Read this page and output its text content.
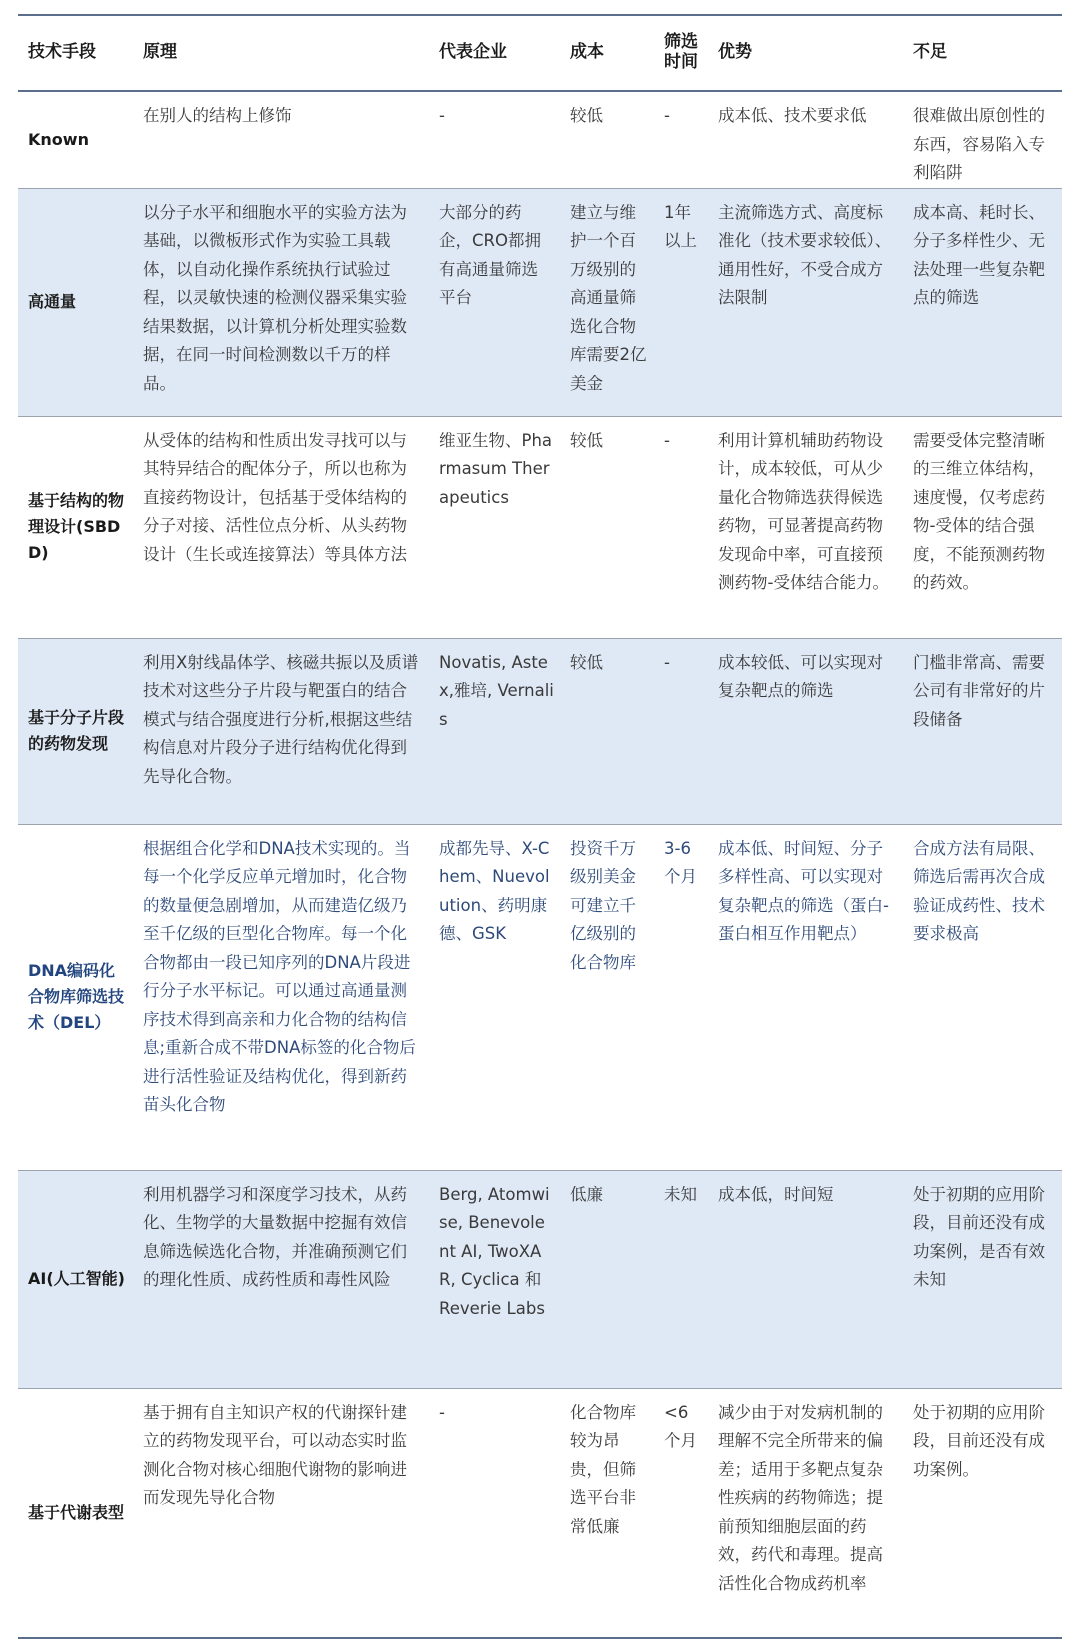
技术手段	原理	代表企业	成本	筛选时间	优势	不足
Known	在别人的结构上修饰	-	较低	-	成本低、技术要求低	很难做出原创性的东西，容易陷入专利陷阱
高通量	以分子水平和细胞水平的实验方法为基础，以微板形式作为实验工具载体，以自动化操作系统执行试验过程，以灵敏快速的检测仪器采集实验结果数据，以计算机分析处理实验数据，在同一时间检测数以千万的样品。	大部分的药企，CRO都拥有高通量筛选平台	建立与维护一个百万级别的高通量筛选化合物库需要2亿美金	1年以上	主流筛选方式、高度标准化（技术要求较低）、通用性好，不受合成方法限制	成本高、耗时长、分子多样性少、无法处理一些复杂靶点的筛选
基于结构的物理设计(SBDD)	从受体的结构和性质出发寻找可以与其特异结合的配体分子，所以也称为直接药物设计，包括基于受体结构的分子对接、活性位点分析、从头药物设计（生长或连接算法）等具体方法	维亚生物、Pharmasum Therapeutics	较低	-	利用计算机辅助药物设计，成本较低，可从少量化合物筛选获得候选药物，可显著提高药物发现命中率，可直接预测药物-受体结合能力。	需要受体完整清晰的三维立体结构，速度慢，仅考虑药物-受体的结合强度，不能预测药物的药效。
基于分子片段的药物发现	利用X射线晶体学、核磁共振以及质谱技术对这些分子片段与靶蛋白的结合模式与结合强度进行分析,根据这些结构信息对片段分子进行结构优化得到先导化合物。	Novatis, Astex,雅培, Vernalis	较低	-	成本较低、可以实现对复杂靶点的筛选	门槛非常高、需要公司有非常好的片段储备
DNA编码化合物库筛选技术（DEL）	根据组合化学和DNA技术实现的。当每一个化学反应单元增加时，化合物的数量便急剧增加，从而建造亿级乃至千亿级的巨型化合物库。每一个化合物都由一段已知序列的DNA片段进行分子水平标记。可以通过高通量测序技术得到高亲和力化合物的结构信息;重新合成不带DNA标签的化合物后进行活性验证及结构优化，得到新药苗头化合物	成都先导、X-Chem、Nuevolution、药明康德、GSK	投资千万级别美金可建立千亿级别的化合物库	3-6个月	成本低、时间短、分子多样性高、可以实现对复杂靶点的筛选（蛋白-蛋白相互作用靶点）	合成方法有局限、筛选后需再次合成验证成药性、技术要求极高
AI(人工智能)	利用机器学习和深度学习技术，从药化、生物学的大量数据中挖掘有效信息筛选候选化合物，并准确预测它们的理化性质、成药性质和毒性风险	Berg, Atomwise, Benevolent AI, TwoXAR, Cyclica 和 Reverie Labs	低廉	未知	成本低，时间短	处于初期的应用阶段，目前还没有成功案例，是否有效未知
基于代谢表型	基于拥有自主知识产权的代谢探针建立的药物发现平台，可以动态实时监测化合物对核心细胞代谢物的影响进而发现先导化合物	-	化合物库较为昂贵，但筛选平台非常低廉	<6个月	减少由于对发病机制的理解不完全所带来的偏差；适用于多靶点复杂性疾病的药物筛选；提前预知细胞层面的药效，药代和毒理。提高活性化合物成药机率	处于初期的应用阶段，目前还没有成功案例。
